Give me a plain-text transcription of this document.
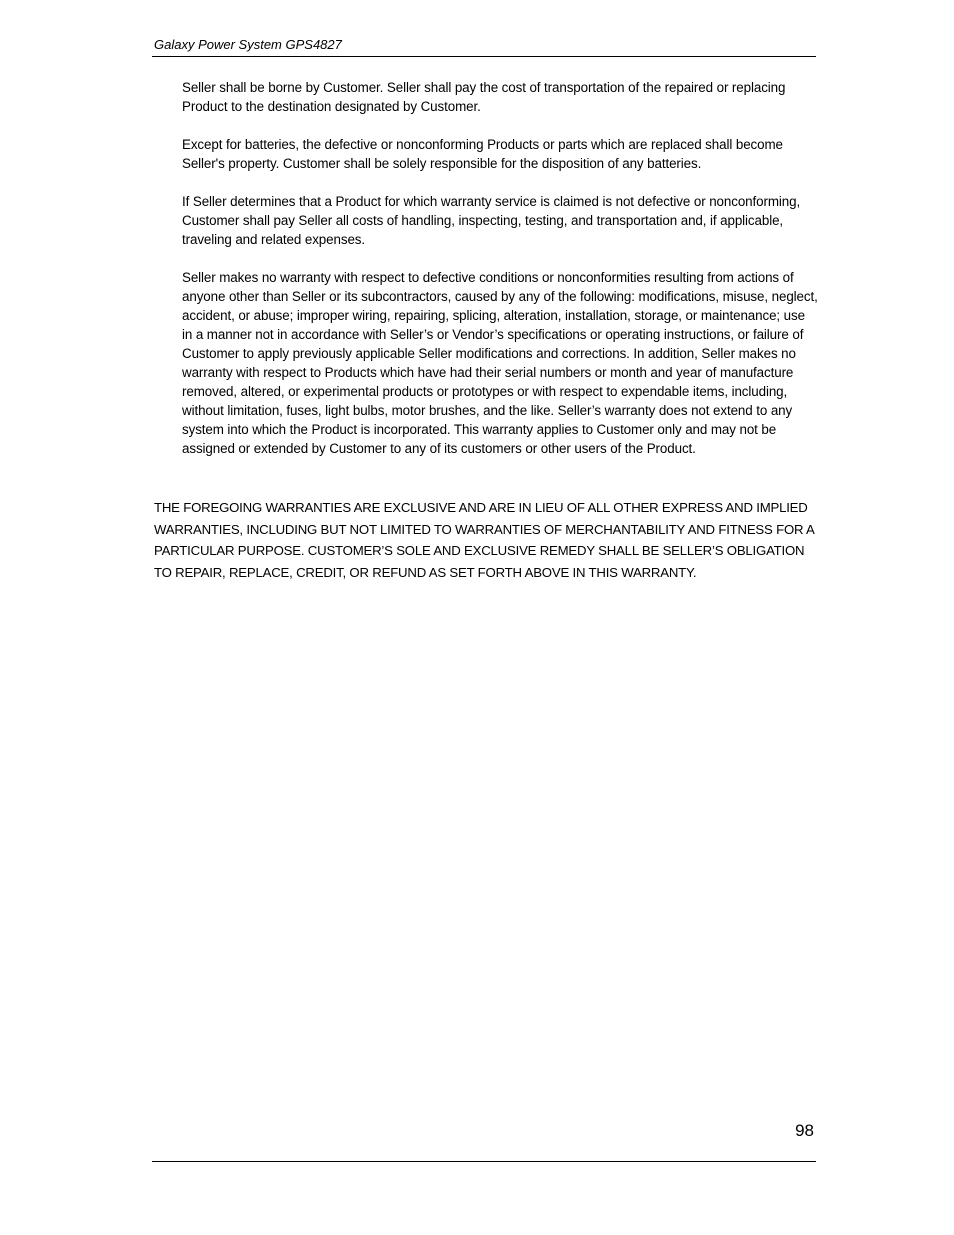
Galaxy Power System GPS4827

Seller shall be borne by Customer. Seller shall pay the cost of transportation of the repaired or replacing Product to the destination designated by Customer.

Except for batteries, the defective or nonconforming Products or parts which are replaced shall become Seller's property. Customer shall be solely responsible for the disposition of any batteries.

If Seller determines that a Product for which warranty service is claimed is not defective or nonconforming, Customer shall pay Seller all costs of handling, inspecting, testing, and transportation and, if applicable, traveling and related expenses.

Seller makes no warranty with respect to defective conditions or nonconformities resulting from actions of anyone other than Seller or its subcontractors, caused by any of the following: modifications, misuse, neglect, accident, or abuse; improper wiring, repairing, splicing, alteration, installation, storage, or maintenance; use in a manner not in accordance with Seller’s or Vendor’s specifications or operating instructions, or failure of Customer to apply previously applicable Seller modifications and corrections. In addition, Seller makes no warranty with respect to Products which have had their serial numbers or month and year of manufacture removed, altered, or experimental products or prototypes or with respect to expendable items, including, without limitation, fuses, light bulbs, motor brushes, and the like. Seller’s warranty does not extend to any system into which the Product is incorporated. This warranty applies to Customer only and may not be assigned or extended by Customer to any of its customers or other users of the Product.

THE FOREGOING WARRANTIES ARE EXCLUSIVE AND ARE IN LIEU OF ALL OTHER EXPRESS AND IMPLIED WARRANTIES, INCLUDING BUT NOT LIMITED TO WARRANTIES OF MERCHANTABILITY AND FITNESS FOR A PARTICULAR PURPOSE. CUSTOMER’S SOLE AND EXCLUSIVE REMEDY SHALL BE SELLER’S OBLIGATION TO REPAIR, REPLACE, CREDIT, OR REFUND AS SET FORTH ABOVE IN THIS WARRANTY.

98
